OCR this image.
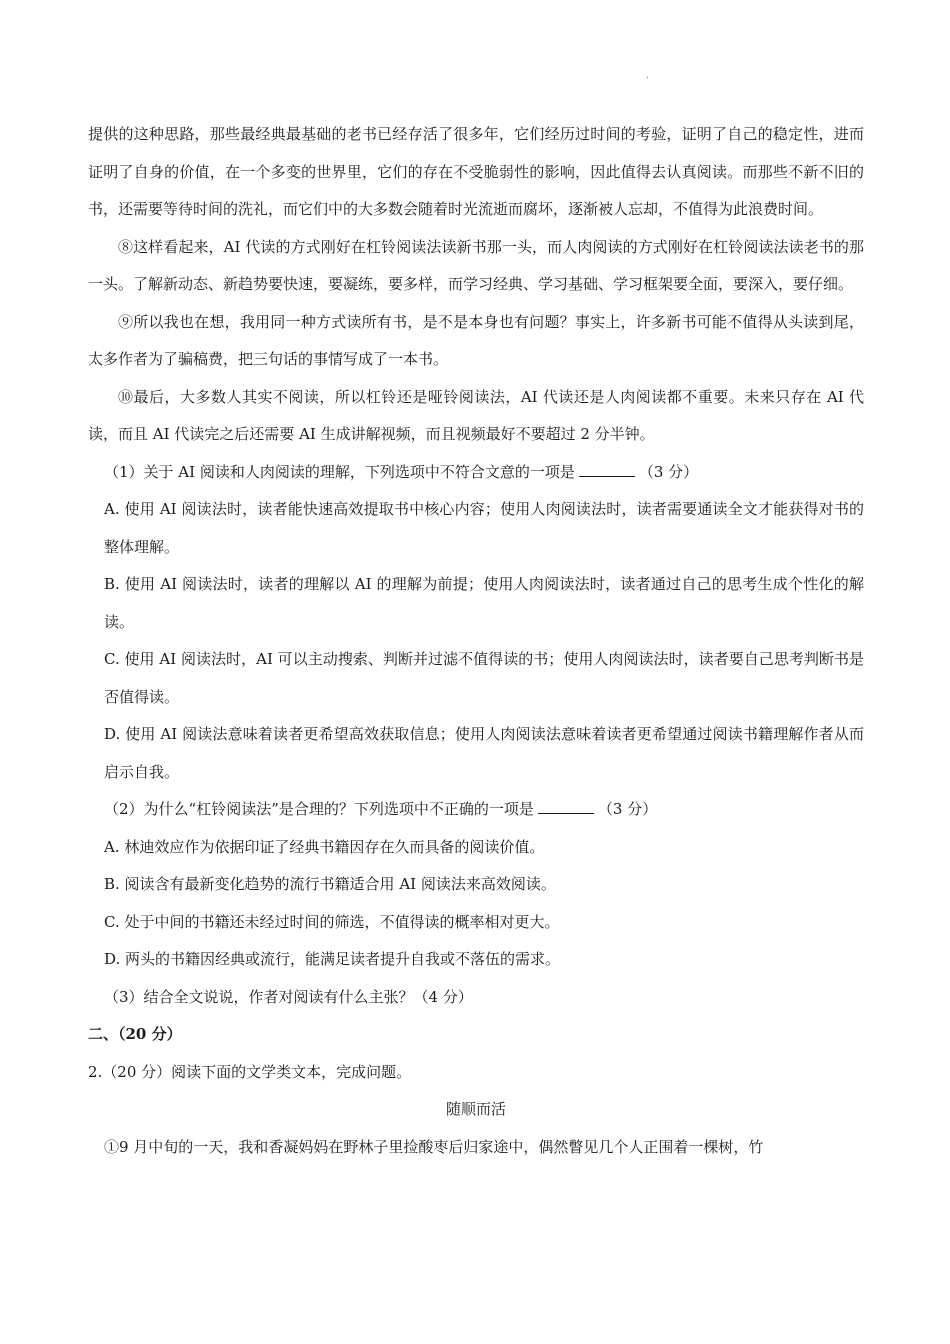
.

提供的这种思路，那些最经典最基础的老书已经存活了很多年，它们经历过时间的考验，证明了自己的稳定性，进而证明了自身的价值，在一个多变的世界里，它们的存在不受脆弱性的影响，因此值得去认真阅读。而那些不新不旧的书，还需要等待时间的洗礼，而它们中的大多数会随着时光流逝而腐坏，逐渐被人忘却，不值得为此浪费时间。

⑧这样看起来，AI 代读的方式刚好在杠铃阅读法读新书那一头，而人肉阅读的方式刚好在杠铃阅读法读老书的那一头。了解新动态、新趋势要快速，要凝练，要多样，而学习经典、学习基础、学习框架要全面，要深入，要仔细。

⑨所以我也在想，我用同一种方式读所有书，是不是本身也有问题？事实上，许多新书可能不值得从头读到尾，太多作者为了骗稿费，把三句话的事情写成了一本书。

⑩最后，大多数人其实不阅读，所以杠铃还是哑铃阅读法，AI 代读还是人肉阅读都不重要。未来只存在 AI 代读，而且 AI 代读完之后还需要 AI 生成讲解视频，而且视频最好不要超过 2 分半钟。

（1）关于 AI 阅读和人肉阅读的理解，下列选项中不符合文意的一项是	（3 分）

A. 使用 AI 阅读法时，读者能快速高效提取书中核心内容；使用人肉阅读法时，读者需要通读全文才能获得对书的整体理解。

B. 使用 AI 阅读法时，读者的理解以 AI 的理解为前提；使用人肉阅读法时，读者通过自己的思考生成个性化的解读。

C. 使用 AI 阅读法时，AI 可以主动搜索、判断并过滤不值得读的书；使用人肉阅读法时，读者要自己思考判断书是否值得读。

D. 使用 AI 阅读法意味着读者更希望高效获取信息；使用人肉阅读法意味着读者更希望通过阅读书籍理解作者从而启示自我。

（2）为什么“杠铃阅读法”是合理的？下列选项中不正确的一项是	（3 分）

A. 林迪效应作为依据印证了经典书籍因存在久而具备的阅读价值。

B. 阅读含有最新变化趋势的流行书籍适合用 AI 阅读法来高效阅读。

C. 处于中间的书籍还未经过时间的筛选，不值得读的概率相对更大。

D. 两头的书籍因经典或流行，能满足读者提升自我或不落伍的需求。

（3）结合全文说说，作者对阅读有什么主张？（4 分）

二、（20 分）

2.（20 分）阅读下面的文学类文本，完成问题。

随顺而活

①9 月中旬的一天，我和香凝妈妈在野林子里捡酸枣后归家途中，偶然瞥见几个人正围着一棵树，竹
